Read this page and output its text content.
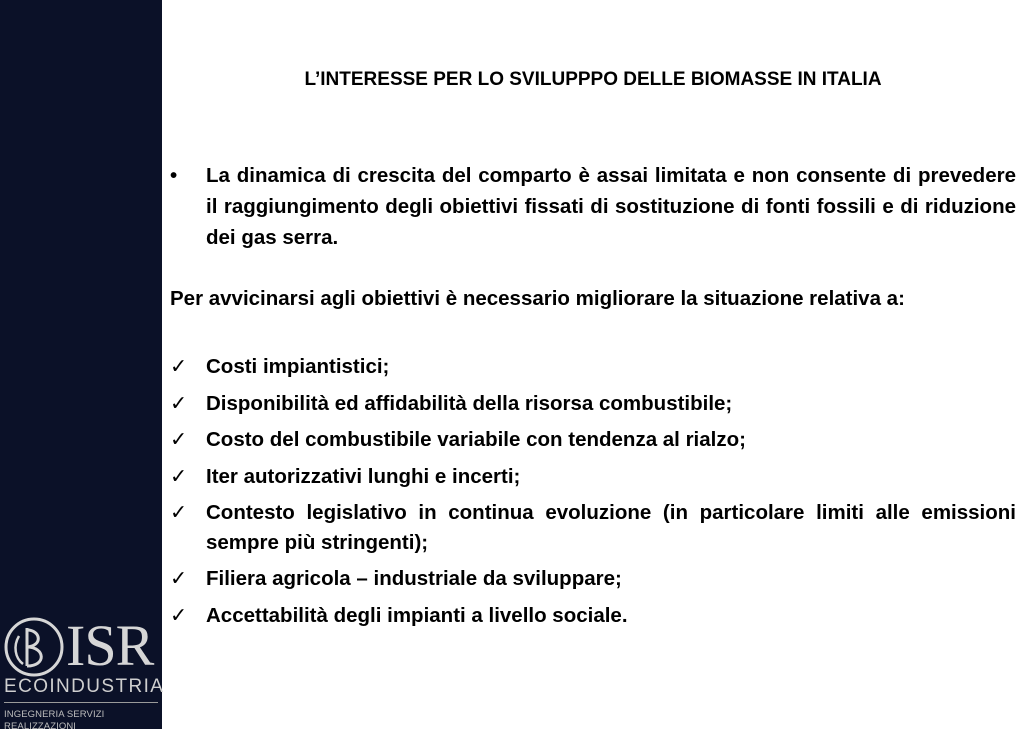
ISR
ECOINDUSTRIA
INGEGNERIA SERVIZI REALIZZAZIONI
L’INTERESSE PER LO SVILUPPPO DELLE BIOMASSE IN ITALIA
• La dinamica di crescita del comparto è assai limitata e non consente di prevedere il raggiungimento degli obiettivi fissati di sostituzione di fonti fossili e di riduzione dei gas serra.
Per avvicinarsi agli obiettivi è necessario migliorare la situazione relativa a:
✓ Costi impiantistici;
✓ Disponibilità ed affidabilità della risorsa combustibile;
✓ Costo del combustibile variabile con tendenza al rialzo;
✓ Iter autorizzativi lunghi e incerti;
✓ Contesto legislativo in continua evoluzione (in particolare limiti alle emissioni sempre più stringenti);
✓ Filiera agricola – industriale da sviluppare;
✓ Accettabilità degli impianti a livello sociale.
